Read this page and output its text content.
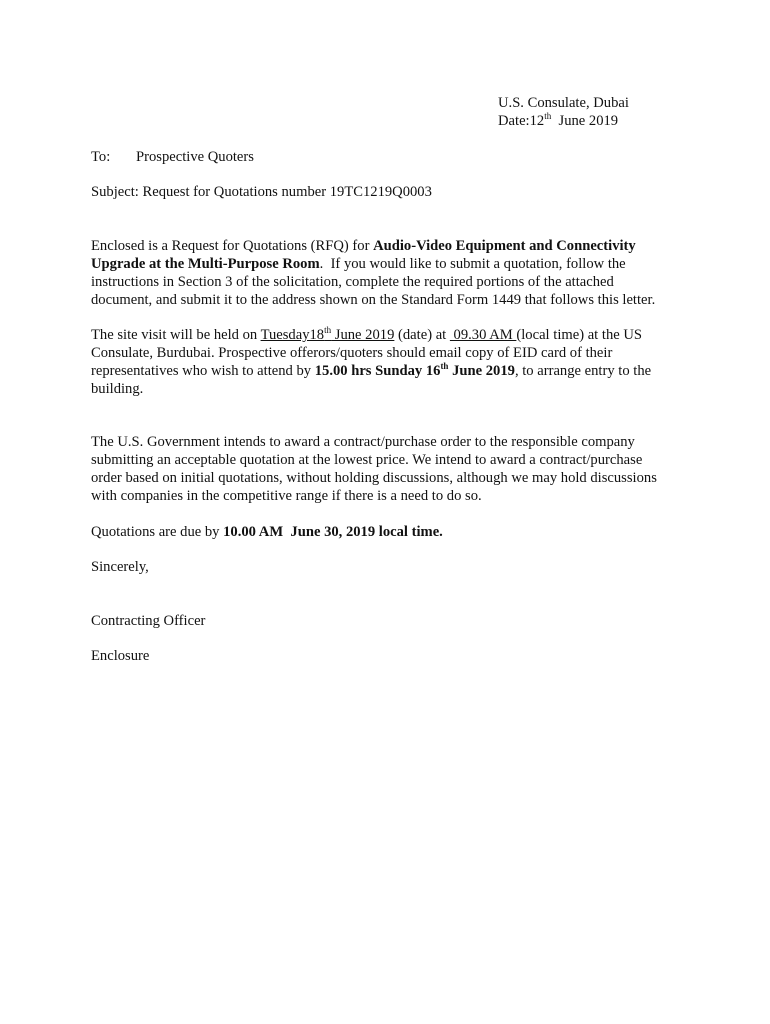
U.S. Consulate, Dubai
Date:12th  June 2019
To: Prospective Quoters
Subject: Request for Quotations number 19TC1219Q0003
Enclosed is a Request for Quotations (RFQ) for Audio-Video Equipment and Connectivity
Upgrade at the Multi-Purpose Room.  If you would like to submit a quotation, follow the
instructions in Section 3 of the solicitation, complete the required portions of the attached
document, and submit it to the address shown on the Standard Form 1449 that follows this letter.
The site visit will be held on Tuesday18th June 2019 (date) at  09.30 AM (local time) at the US
Consulate, Burdubai. Prospective offerors/quoters should email copy of EID card of their
representatives who wish to attend by 15.00 hrs Sunday 16th June 2019, to arrange entry to the
building.
The U.S. Government intends to award a contract/purchase order to the responsible company
submitting an acceptable quotation at the lowest price. We intend to award a contract/purchase
order based on initial quotations, without holding discussions, although we may hold discussions
with companies in the competitive range if there is a need to do so.
Quotations are due by 10.00 AM  June 30, 2019 local time.
Sincerely,
Contracting Officer
Enclosure
